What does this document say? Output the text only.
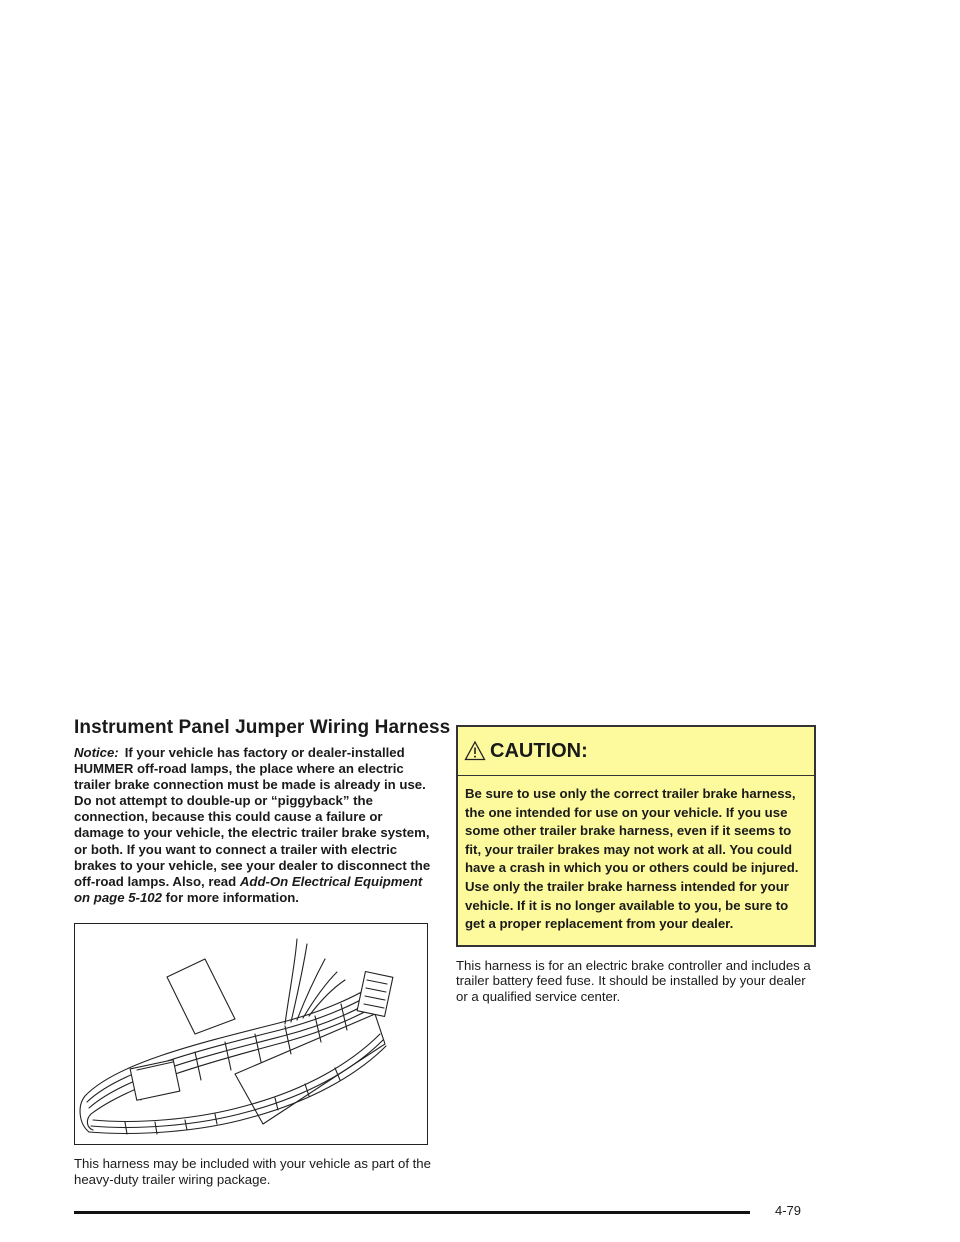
Instrument Panel Jumper Wiring Harness

Notice: If your vehicle has factory or dealer-installed HUMMER off-road lamps, the place where an electric trailer brake connection must be made is already in use. Do not attempt to double-up or “piggyback” the connection, because this could cause a failure or damage to your vehicle, the electric trailer brake system, or both. If you want to connect a trailer with electric brakes to your vehicle, see your dealer to disconnect the off-road lamps. Also, read Add-On Electrical Equipment on page 5-102 for more information.

This harness may be included with your vehicle as part of the heavy-duty trailer wiring package.

CAUTION:

Be sure to use only the correct trailer brake harness, the one intended for use on your vehicle. If you use some other trailer brake harness, even if it seems to fit, your trailer brakes may not work at all. You could have a crash in which you or others could be injured. Use only the trailer brake harness intended for your vehicle. If it is no longer available to you, be sure to get a proper replacement from your dealer.

This harness is for an electric brake controller and includes a trailer battery feed fuse. It should be installed by your dealer or a qualified service center.

4-79
